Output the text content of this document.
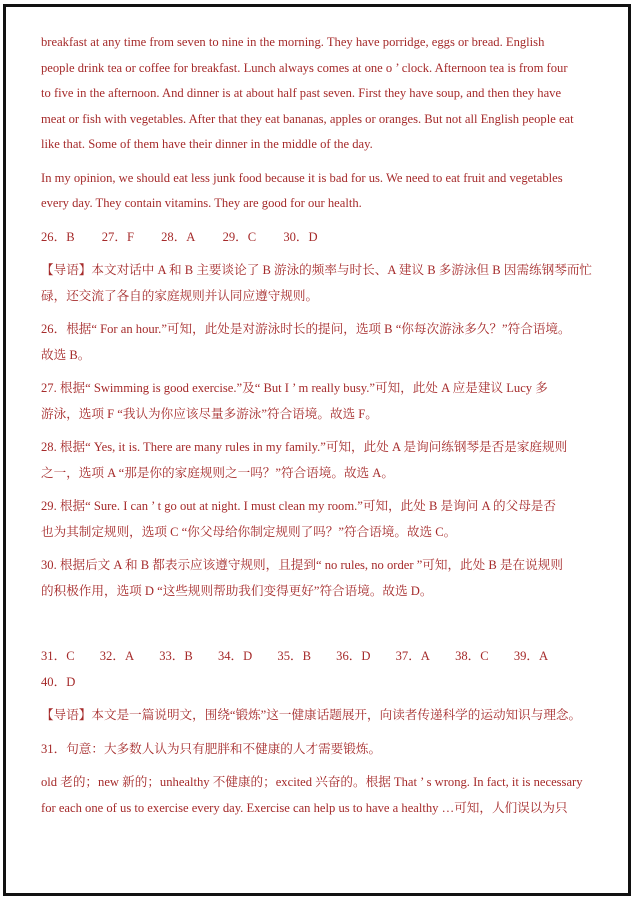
breakfast at any time from seven to nine in the morning. They have porridge, eggs or bread. English
people drink tea or coffee for breakfast. Lunch always comes at one o ’ clock. Afternoon tea is from four
to five in the afternoon. And dinner is at about half past seven. First they have soup, and then they have
meat or fish with vegetables. After that they eat bananas, apples or oranges. But not all English people eat
like that. Some of them have their dinner in the middle of the day.
In my opinion, we should eat less junk food because it is bad for us. We need to eat fruit and vegetables
every day. They contain vitamins. They are good for our health.
26．B 27．F 28．A 29．C 30．D
【导语】本文对话中 A 和 B 主要谈论了 B 游泳的频率与时长、A 建议 B 多游泳但 B 因需练钢琴而忙
碌，还交流了各自的家庭规则并认同应遵守规则。
26．根据“ For an hour.”可知，此处是对游泳时长的提问，选项 B “你每次游泳多久？”符合语境。
故选 B。
27. 根据“ Swimming is good exercise.”及“ But I ’ m really busy.”可知，此处 A 应是建议 Lucy 多
游泳，选项 F “我认为你应该尽量多游泳”符合语境。故选 F。
28. 根据“ Yes, it is. There are many rules in my family.”可知，此处 A 是询问练钢琴是否是家庭规则
之一，选项 A “那是你的家庭规则之一吗？”符合语境。故选 A。
29. 根据“ Sure. I can ’ t go out at night. I must clean my room.”可知，此处 B 是询问 A 的父母是否
也为其制定规则，选项 C “你父母给你制定规则了吗？”符合语境。故选 C。
30. 根据后文 A 和 B 都表示应该遵守规则，且提到“ no rules, no order ”可知，此处 B 是在说规则
的积极作用，选项 D “这些规则帮助我们变得更好”符合语境。故选 D。
31．C 32．A 33．B 34．D 35．B 36．D 37．A 38．C 39．A
40．D
【导语】本文是一篇说明文，围绕“锻炼”这一健康话题展开，向读者传递科学的运动知识与理念。
31．句意：大多数人认为只有肥胖和不健康的人才需要锻炼。
old 老的；new 新的；unhealthy 不健康的；excited 兴奋的。根据 That ’ s wrong. In fact, it is necessary
for each one of us to exercise every day. Exercise can help us to have a healthy …可知，人们误以为只
